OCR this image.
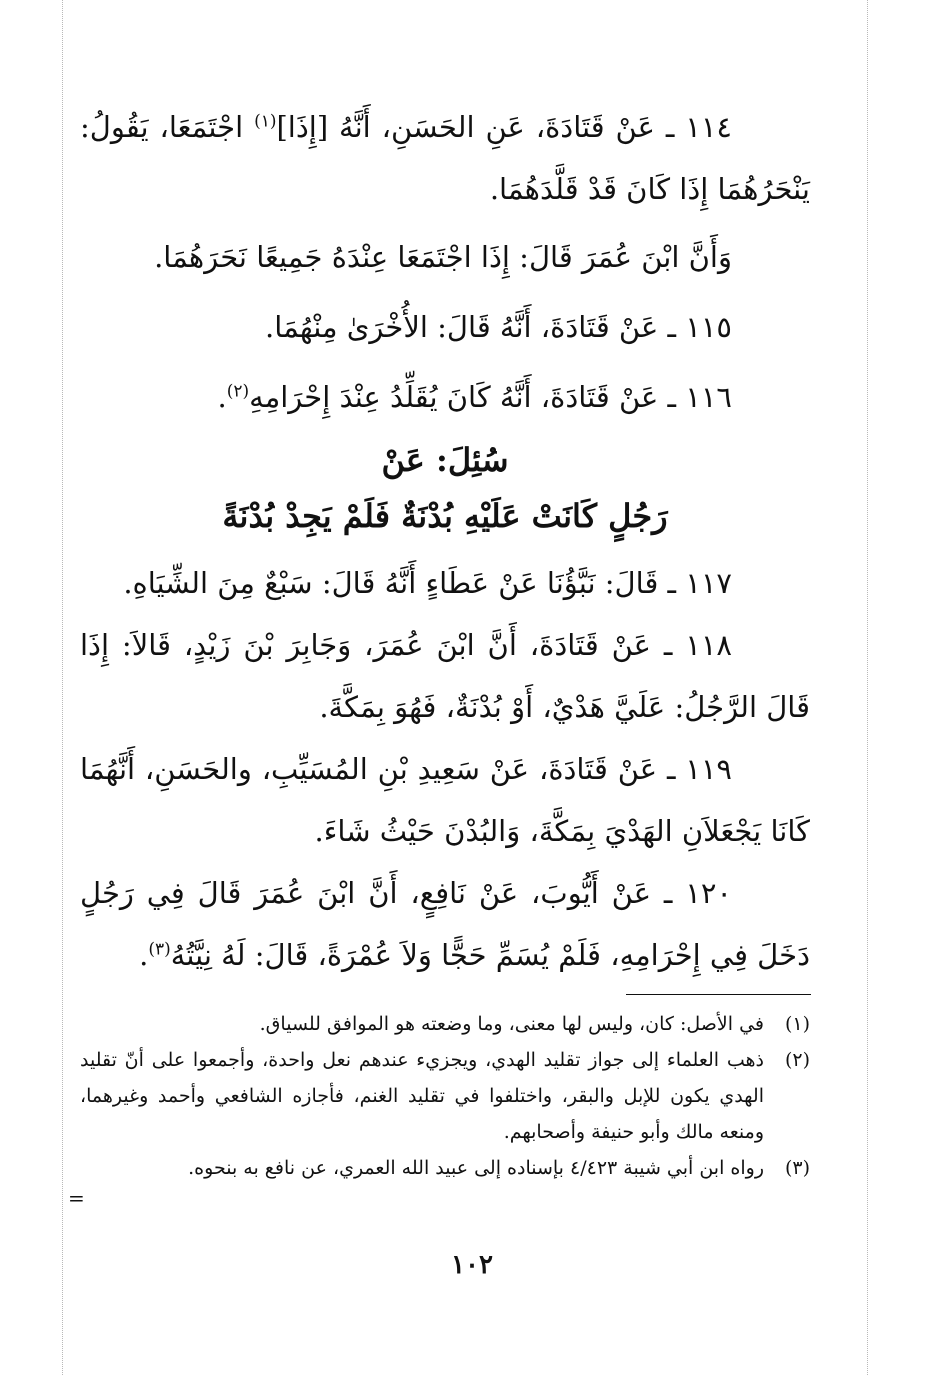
١١٤ ـ عَنْ قَتَادَةَ، عَنِ الحَسَنِ، أَنَّهُ [إِذَا]$^{(١)}$ اجْتَمَعَا، يَقُولُ: يَنْحَرُهُمَا إِذَا كَانَ قَدْ قَلَّدَهُمَا.

وَأَنَّ ابْنَ عُمَرَ قَالَ: إِذَا اجْتَمَعَا عِنْدَهُ جَمِيعًا نَحَرَهُمَا.

١١٥ ـ عَنْ قَتَادَةَ، أَنَّهُ قَالَ: الأُخْرَىٰ مِنْهُمَا.

١١٦ ـ عَنْ قَتَادَةَ، أَنَّهُ كَانَ يُقَلِّدُ عِنْدَ إِحْرَامِهِ$^{(٢)}$.

سُئِلَ: عَنْ
رَجُلٍ كَانَتْ عَلَيْهِ بُدْنَةٌ فَلَمْ يَجِدْ بُدْنَةً

١١٧ ـ قَالَ: نَبَّؤُنَا عَنْ عَطَاءٍ أَنَّهُ قَالَ: سَبْعٌ مِنَ الشِّيَاهِ.

١١٨ ـ عَنْ قَتَادَةَ، أَنَّ ابْنَ عُمَرَ، وَجَابِرَ بْنَ زَيْدٍ، قَالاَ: إِذَا قَالَ الرَّجُلُ: عَلَيَّ هَدْيٌ، أَوْ بُدْنَةٌ، فَهُوَ بِمَكَّةَ.

١١٩ ـ عَنْ قَتَادَةَ، عَنْ سَعِيدِ بْنِ المُسَيِّبِ، والحَسَنِ، أَنَّهُمَا كَانَا يَجْعَلاَنِ الهَدْيَ بِمَكَّةَ، وَالبُدْنَ حَيْثُ شَاءَ.

١٢٠ ـ عَنْ أَيُّوبَ، عَنْ نَافِعٍ، أَنَّ ابْنَ عُمَرَ قَالَ فِي رَجُلٍ دَخَلَ فِي إِحْرَامِهِ، فَلَمْ يُسَمِّ حَجًّا وَلاَ عُمْرَةً، قَالَ: لَهُ نِيَّتُهُ$^{(٣)}$.

(١)
في الأصل: كان، وليس لها معنى، وما وضعته هو الموافق للسياق.
(٢)
ذهب العلماء إلى جواز تقليد الهدي، ويجزيء عندهم نعل واحدة، وأجمعوا على أنّ تقليد الهدي يكون للإبل والبقر، واختلفوا في تقليد الغنم، فأجازه الشافعي وأحمد وغيرهما، ومنعه مالك وأبو حنيفة وأصحابهم.
(٣)
رواه ابن أبي شيبة ٤/٤٢٣ بإسناده إلى عبيد الله العمري، عن نافع به بنحوه.
=
١٠٢
